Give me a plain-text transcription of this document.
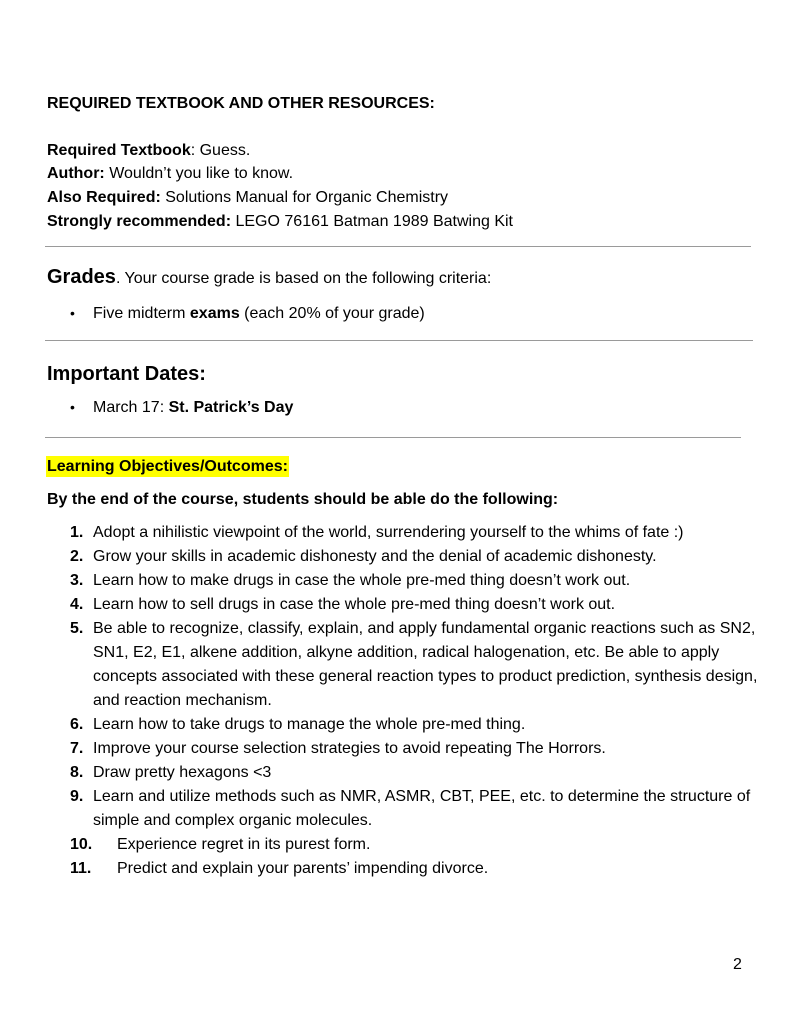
REQUIRED TEXTBOOK AND OTHER RESOURCES:
Required Textbook: Guess.
Author: Wouldn’t you like to know.
Also Required: Solutions Manual for Organic Chemistry
Strongly recommended: LEGO 76161 Batman 1989 Batwing Kit
Grades. Your course grade is based on the following criteria:
• Five midterm exams (each 20% of your grade)
Important Dates:
• March 17: St. Patrick’s Day
Learning Objectives/Outcomes:
By the end of the course, students should be able do the following:
1. Adopt a nihilistic viewpoint of the world, surrendering yourself to the whims of fate :)
2. Grow your skills in academic dishonesty and the denial of academic dishonesty.
3. Learn how to make drugs in case the whole pre-med thing doesn’t work out.
4. Learn how to sell drugs in case the whole pre-med thing doesn’t work out.
5. Be able to recognize, classify, explain, and apply fundamental organic reactions such as SN2, SN1, E2, E1, alkene addition, alkyne addition, radical halogenation, etc. Be able to apply concepts associated with these general reaction types to product prediction, synthesis design, and reaction mechanism.
6. Learn how to take drugs to manage the whole pre-med thing.
7. Improve your course selection strategies to avoid repeating The Horrors.
8. Draw pretty hexagons <3
9. Learn and utilize methods such as NMR, ASMR, CBT, PEE, etc. to determine the structure of simple and complex organic molecules.
10. Experience regret in its purest form.
11. Predict and explain your parents’ impending divorce.
2
